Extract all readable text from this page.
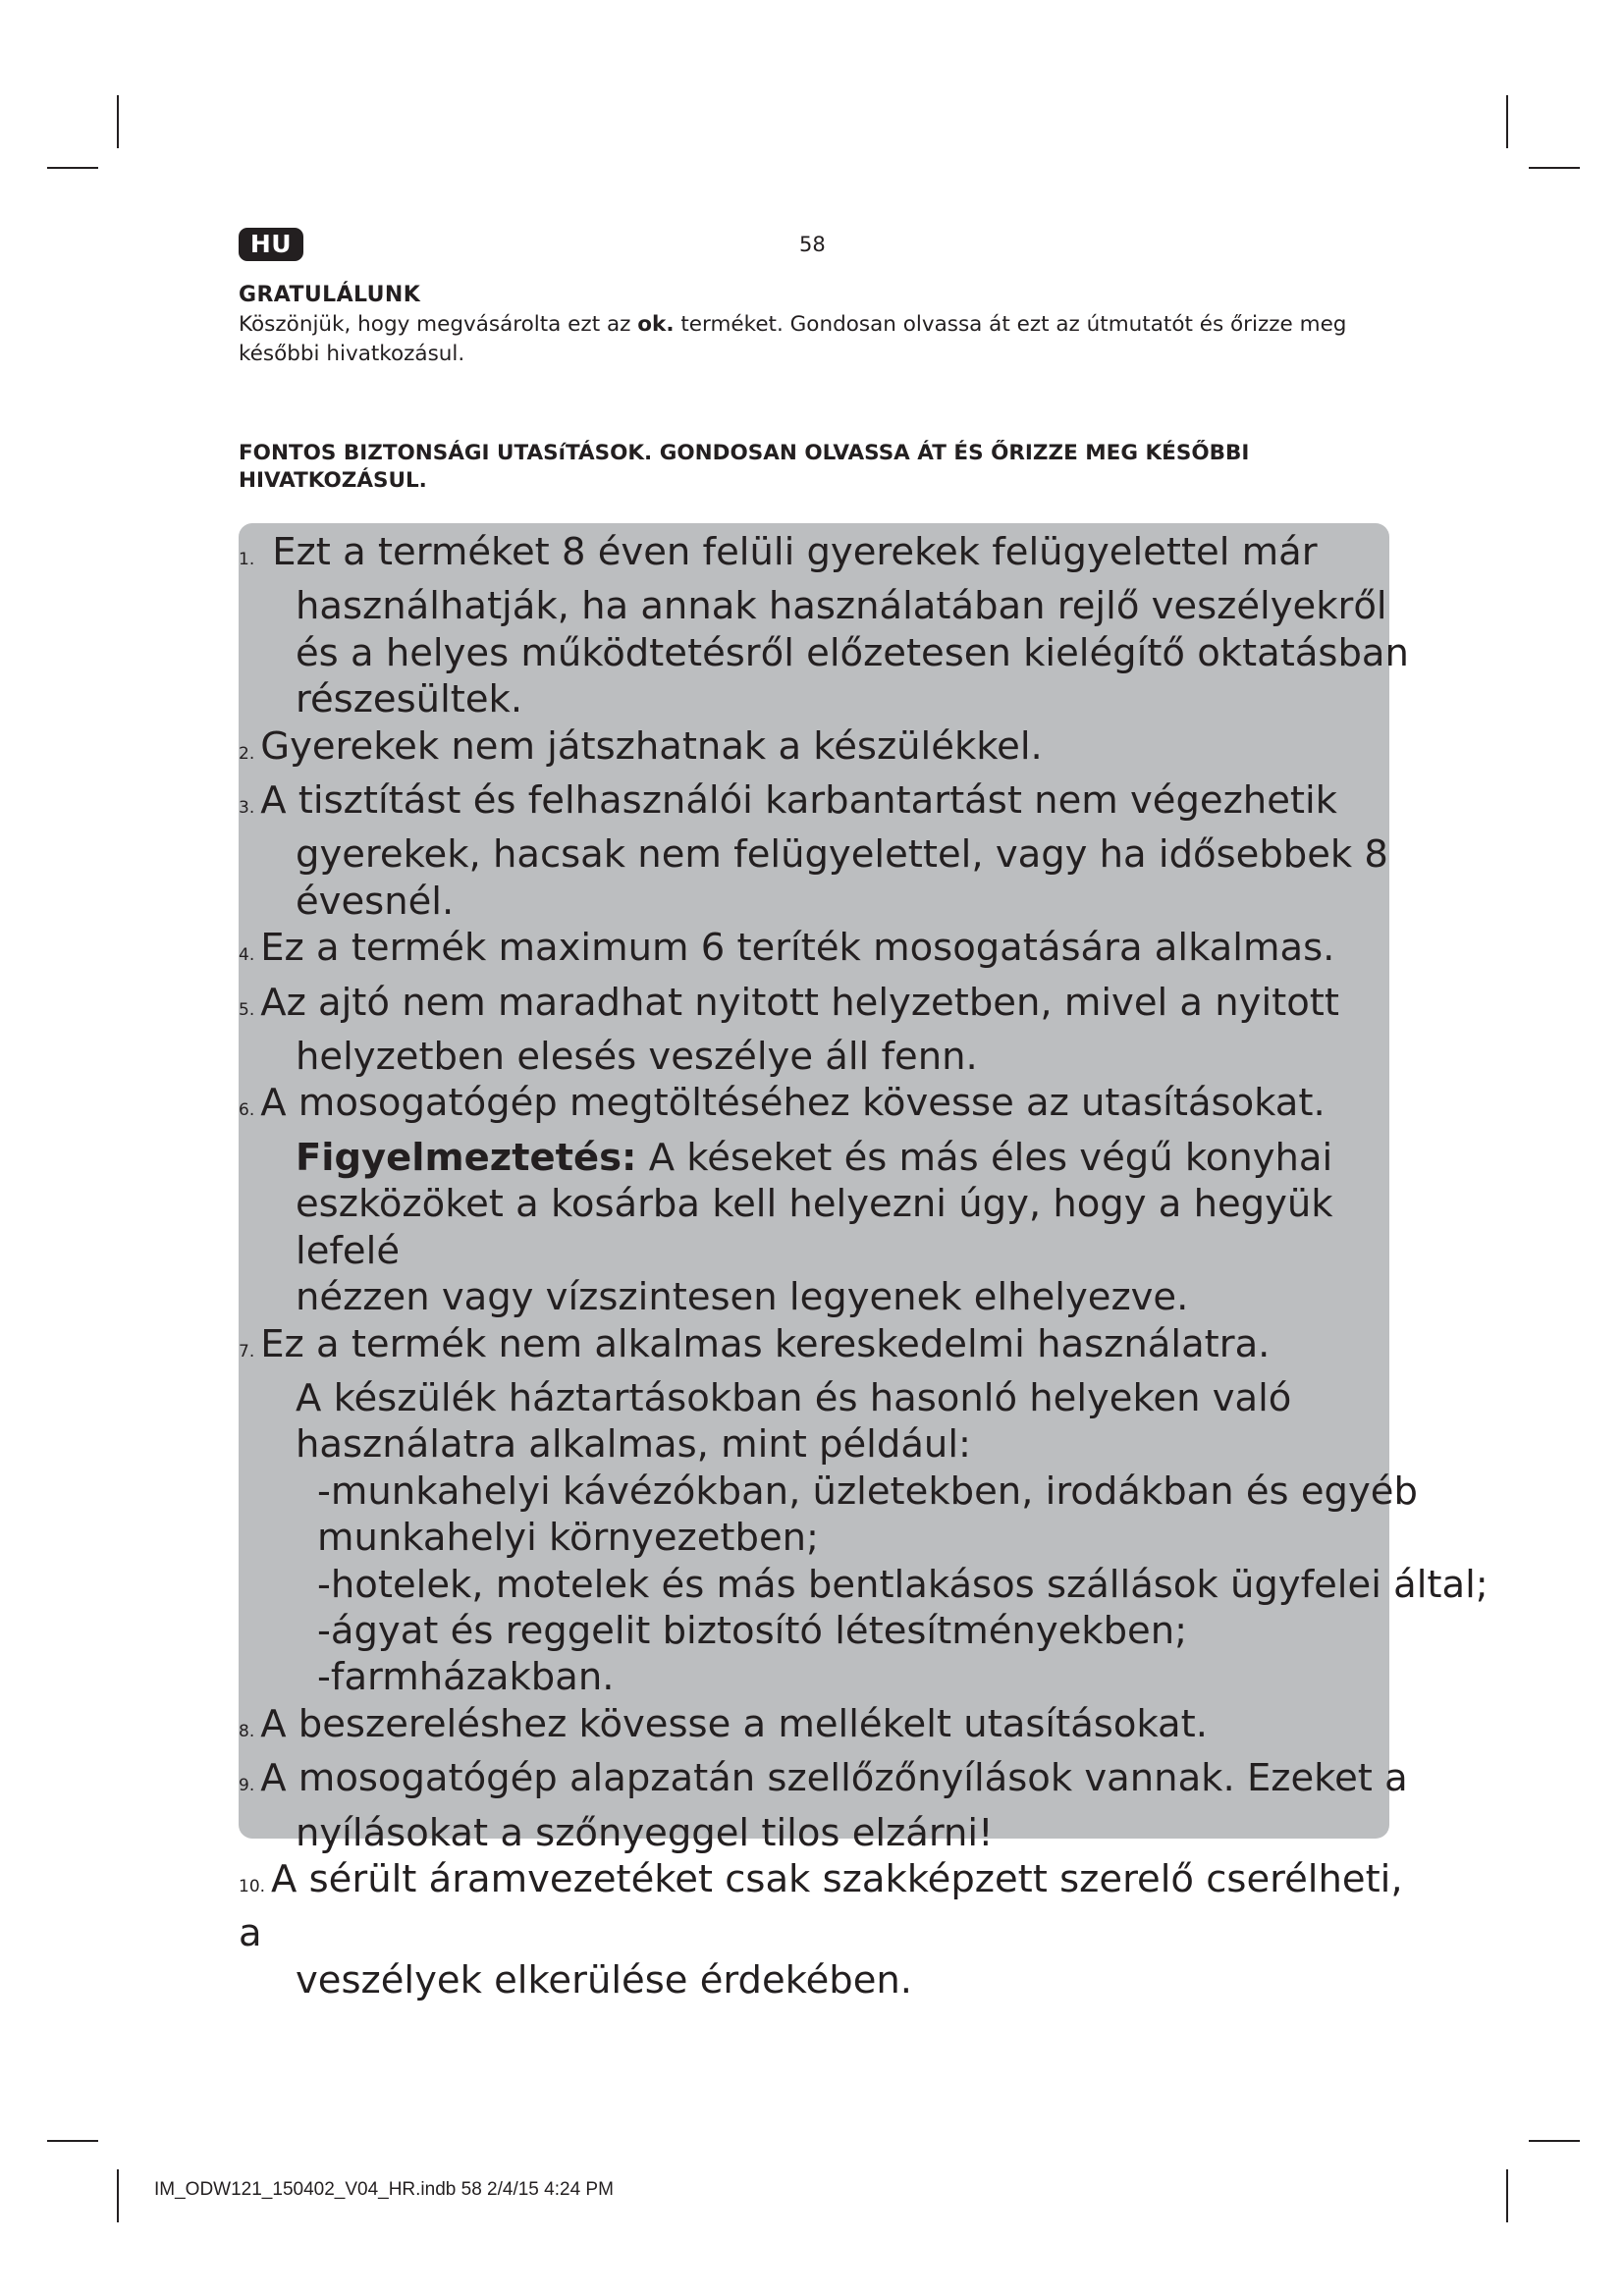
HU	58
GRATULÁLUNK

Köszönjük, hogy megvásárolta ezt az ok. terméket. Gondosan olvassa át ezt az útmutatót és őrizze meg későbbi hivatkozásul.

FONTOS BIZTONSÁGI UTASíTÁSOK. GONDOSAN OLVASSA ÁT ÉS ŐRIZZE MEG KÉSŐBBI HIVATKOZÁSUL.

1. Ezt a terméket 8 éven felüli gyerekek felügyelettel már
használhatják, ha annak használatában rejlő veszélyekről
és a helyes működtetésről előzetesen kielégítő oktatásban
részesültek.
2. Gyerekek nem játszhatnak a készülékkel.
3. A tisztítást és felhasználói karbantartást nem végezhetik
gyerekek, hacsak nem felügyelettel, vagy ha idősebbek 8
évesnél.
4. Ez a termék maximum 6 teríték mosogatására alkalmas.
5. Az ajtó nem maradhat nyitott helyzetben, mivel a nyitott
helyzetben elesés veszélye áll fenn.
6. A mosogatógép megtöltéséhez kövesse az utasításokat.
Figyelmeztetés: A késeket és más éles végű konyhai
eszközöket a kosárba kell helyezni úgy, hogy a hegyük lefelé
nézzen vagy vízszintesen legyenek elhelyezve.
7. Ez a termék nem alkalmas kereskedelmi használatra.
A készülék háztartásokban és hasonló helyeken való
használatra alkalmas, mint például:
-munkahelyi kávézókban, üzletekben, irodákban és egyéb
munkahelyi környezetben;
-hotelek, motelek és más bentlakásos szállások ügyfelei által;
-ágyat és reggelit biztosító létesítményekben;
-farmházakban.
8. A beszereléshez kövesse a mellékelt utasításokat.
9. A mosogatógép alapzatán szellőzőnyílások vannak. Ezeket a
nyílásokat a szőnyeggel tilos elzárni!
10. A sérült áramvezetéket csak szakképzett szerelő cserélheti, a
veszélyek elkerülése érdekében.
IM_ODW121_150402_V04_HR.indb 58 2/4/15 4:24 PM
